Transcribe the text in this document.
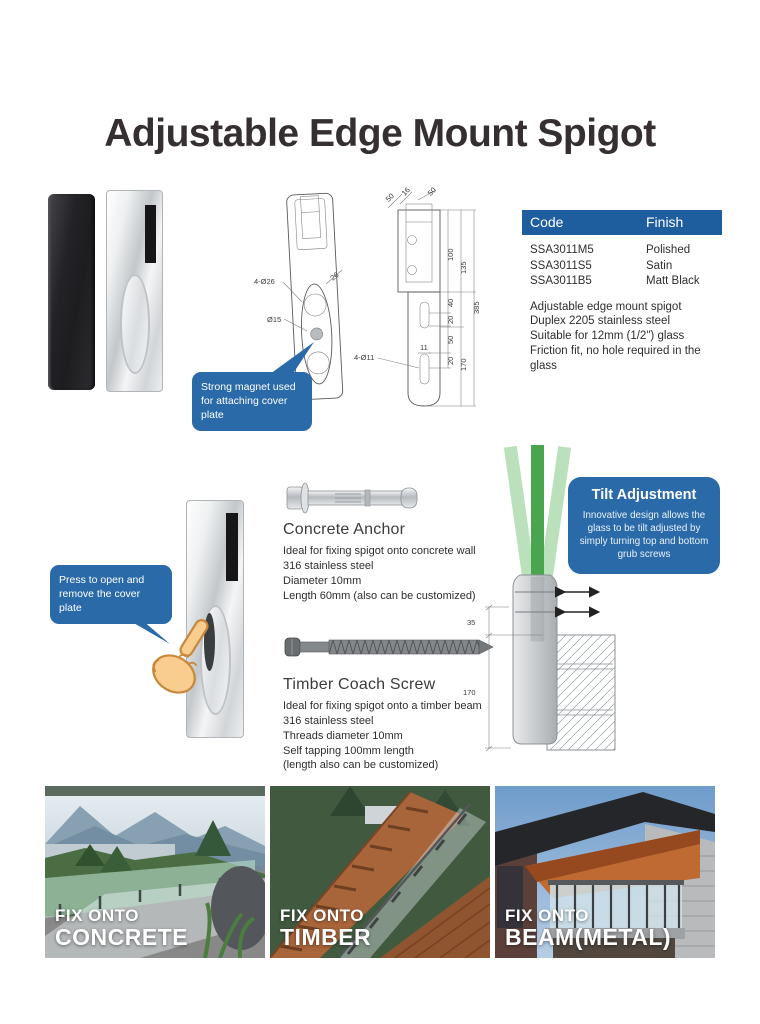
Adjustable Edge Mount Spigot
4-Ø26	26
Ø15
50 16 50
100
40
20
50
20
135
170
385
4-Ø11
11
Code	Finish
SSA3011M5	Polished
SSA3011S5	Satin
SSA3011B5	Matt Black
Adjustable edge mount spigot
Duplex 2205 stainless steel
Suitable for 12mm (1/2") glass
Friction fit, no hole required in the glass
Strong magnet used for attaching cover plate
Press to open and remove the cover plate
Concrete Anchor
Ideal for fixing spigot onto concrete wall
316 stainless steel
Diameter 10mm
Length 60mm (also can be customized)
Timber Coach Screw
Ideal for fixing spigot onto a timber beam
316 stainless steel
Threads diameter 10mm
Self tapping 100mm length
(length also can be customized)
35
170
Tilt Adjustment

Innovative design allows the glass to be tilt adjusted by simply turning top and bottom grub screws

FIX ONTO
CONCRETE
FIX ONTO
TIMBER
FIX ONTO
BEAM(METAL)
